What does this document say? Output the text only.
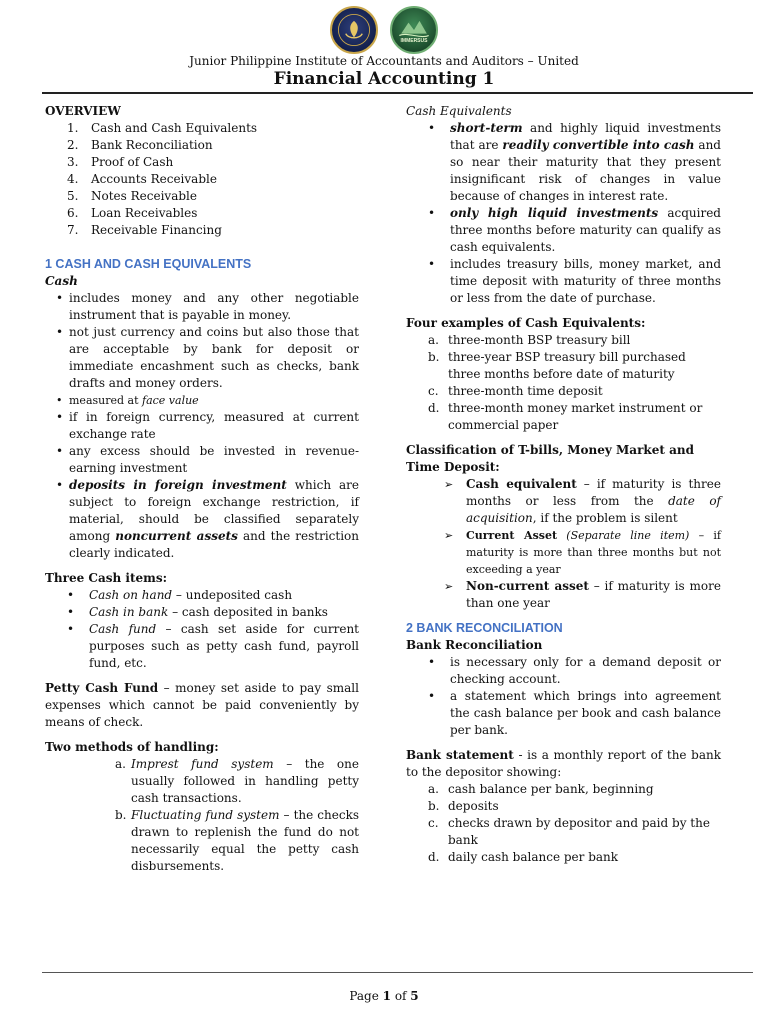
IMMERSUS
Junior Philippine Institute of Accountants and Auditors – United
Financial Accounting 1
OVERVIEW
1.	Cash and Cash Equivalents
2.	Bank Reconciliation
3.	Proof of Cash
4.	Accounts Receivable
5.	Notes Receivable
6.	Loan Receivables
7.	Receivable Financing
1 CASH AND CASH EQUIVALENTS
Cash
• includes money and any other negotiable instrument that is payable in money.
• not just currency and coins but also those that are acceptable by bank for deposit or immediate encashment such as checks, bank drafts and money orders.
• measured at face value
• if in foreign currency, measured at current exchange rate
• any excess should be invested in revenue-earning investment
• deposits in foreign investment which are subject to foreign exchange restriction, if material, should be classified separately among noncurrent assets and the restriction clearly indicated.
Three Cash items:
• Cash on hand – undeposited cash
• Cash in bank – cash deposited in banks
• Cash fund – cash set aside for current purposes such as petty cash fund, payroll fund, etc.
Petty Cash Fund – money set aside to pay small expenses which cannot be paid conveniently by means of check.
Two methods of handling:
a. Imprest fund system – the one usually followed in handling petty cash transactions.
b. Fluctuating fund system – the checks drawn to replenish the fund do not necessarily equal the petty cash disbursements.
Cash Equivalents
• short-term and highly liquid investments that are readily convertible into cash and so near their maturity that they present insignificant risk of changes in value because of changes in interest rate.
• only high liquid investments acquired three months before maturity can qualify as cash equivalents.
• includes treasury bills, money market, and time deposit with maturity of three months or less from the date of purchase.
Four examples of Cash Equivalents:
a. three-month BSP treasury bill
b. three-year BSP treasury bill purchased three months before date of maturity
c. three-month time deposit
d. three-month money market instrument or commercial paper
Classification of T-bills, Money Market and Time Deposit:
➢ Cash equivalent – if maturity is three months or less from the date of acquisition, if the problem is silent
➢ Current Asset (Separate line item) – if maturity is more than three months but not exceeding a year
➢ Non-current asset – if maturity is more than one year
2 BANK RECONCILIATION
Bank Reconciliation
• is necessary only for a demand deposit or checking account.
• a statement which brings into agreement the cash balance per book and cash balance per bank.
Bank statement - is a monthly report of the bank to the depositor showing:
a. cash balance per bank, beginning
b. deposits
c. checks drawn by depositor and paid by the bank
d. daily cash balance per bank
Page 1 of 5
